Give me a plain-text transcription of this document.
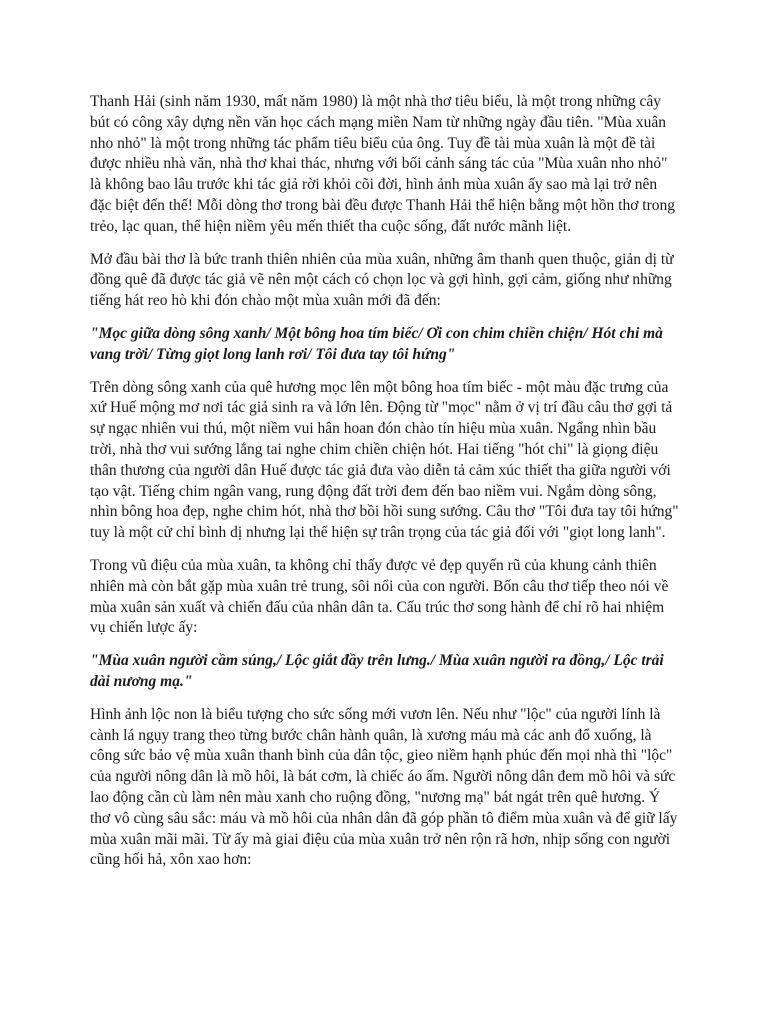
Thanh Hải (sinh năm 1930, mất năm 1980) là một nhà thơ tiêu biểu, là một trong những cây bút có công xây dựng nền văn học cách mạng miền Nam từ những ngày đầu tiên. "Mùa xuân nho nhỏ" là một trong những tác phẩm tiêu biểu của ông. Tuy đề tài mùa xuân là một đề tài được nhiều nhà văn, nhà thơ khai thác, nhưng với bối cảnh sáng tác của "Mùa xuân nho nhỏ" là không bao lâu trước khi tác giả rời khỏi cõi đời, hình ảnh mùa xuân ấy sao mà lại trở nên đặc biệt đến thế! Mỗi dòng thơ trong bài đều được Thanh Hải thể hiện bằng một hồn thơ trong trẻo, lạc quan, thể hiện niềm yêu mến thiết tha cuộc sống, đất nước mãnh liệt.

Mở đầu bài thơ là bức tranh thiên nhiên của mùa xuân, những âm thanh quen thuộc, giản dị từ đồng quê đã được tác giả vẽ nên một cách có chọn lọc và gợi hình, gợi cảm, giống như những tiếng hát reo hò khi đón chào một mùa xuân mới đã đến:

"Mọc giữa dòng sông xanh/ Một bông hoa tím biếc/ Ơi con chim chiền chiện/ Hót chi mà vang trời/ Từng giọt long lanh rơi/ Tôi đưa tay tôi hứng"

Trên dòng sông xanh của quê hương mọc lên một bông hoa tím biếc - một màu đặc trưng của xứ Huế mộng mơ nơi tác giả sinh ra và lớn lên. Động từ "mọc" nằm ở vị trí đầu câu thơ gợi tả sự ngạc nhiên vui thú, một niềm vui hân hoan đón chào tín hiệu mùa xuân. Ngẩng nhìn bầu trời, nhà thơ vui sướng lắng tai nghe chim chiền chiện hót. Hai tiếng "hót chi" là giọng điệu thân thương của người dân Huế được tác giả đưa vào diễn tả cảm xúc thiết tha giữa người với tạo vật. Tiếng chim ngân vang, rung động đất trời đem đến bao niềm vui. Ngắm dòng sông, nhìn bông hoa đẹp, nghe chim hót, nhà thơ bồi hồi sung sướng. Câu thơ "Tôi đưa tay tôi hứng" tuy là một cử chỉ bình dị nhưng lại thể hiện sự trân trọng của tác giả đối với "giọt long lanh".

Trong vũ điệu của mùa xuân, ta không chỉ thấy được vẻ đẹp quyến rũ của khung cảnh thiên nhiên mà còn bắt gặp mùa xuân trẻ trung, sôi nổi của con người. Bốn câu thơ tiếp theo nói về mùa xuân sản xuất và chiến đấu của nhân dân ta. Cấu trúc thơ song hành để chỉ rõ hai nhiệm vụ chiến lược ấy:

"Mùa xuân người cầm súng,/ Lộc giắt đầy trên lưng./ Mùa xuân người ra đồng,/ Lộc trải dài nương mạ."

Hình ảnh lộc non là biểu tượng cho sức sống mới vươn lên. Nếu như "lộc" của người lính là cành lá ngụy trang theo từng bước chân hành quân, là xương máu mà các anh đổ xuống, là công sức bảo vệ mùa xuân thanh bình của dân tộc, gieo niềm hạnh phúc đến mọi nhà thì "lộc" của người nông dân là mồ hôi, là bát cơm, là chiếc áo ấm. Người nông dân đem mồ hôi và sức lao động cần cù làm nên màu xanh cho ruộng đồng, "nương mạ" bát ngát trên quê hương. Ý thơ vô cùng sâu sắc: máu và mồ hôi của nhân dân đã góp phần tô điểm mùa xuân và để giữ lấy mùa xuân mãi mãi. Từ ấy mà giai điệu của mùa xuân trở nên rộn rã hơn, nhịp sống con người cũng hối hả, xôn xao hơn:
